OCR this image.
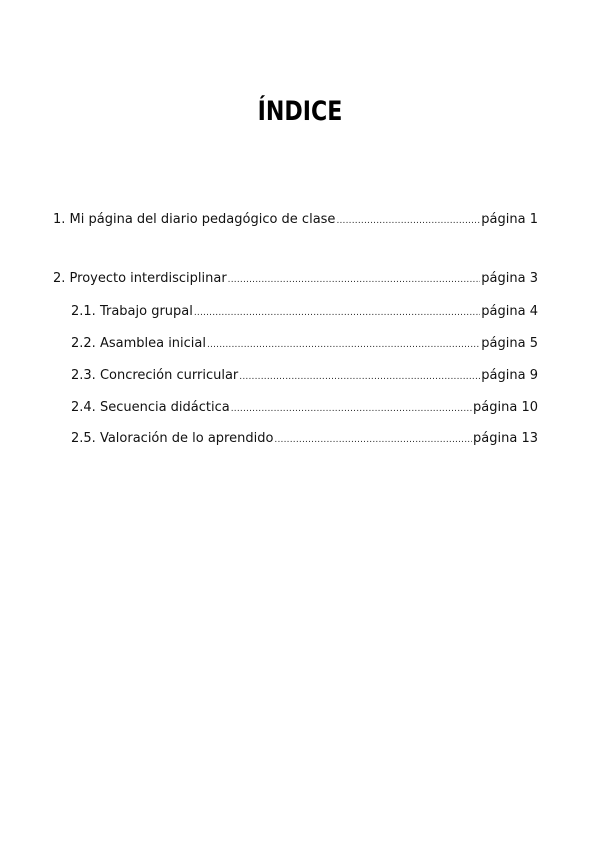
ÍNDICE
1. Mi página del diario pedagógico de clase .....	página 1
2. Proyecto interdisciplinar .....	página 3
2.1. Trabajo grupal .....	página 4
2.2. Asamblea inicial .....	página 5
2.3. Concreción curricular .....	página 9
2.4. Secuencia didáctica .....	página 10
2.5. Valoración de lo aprendido .....	página 13
